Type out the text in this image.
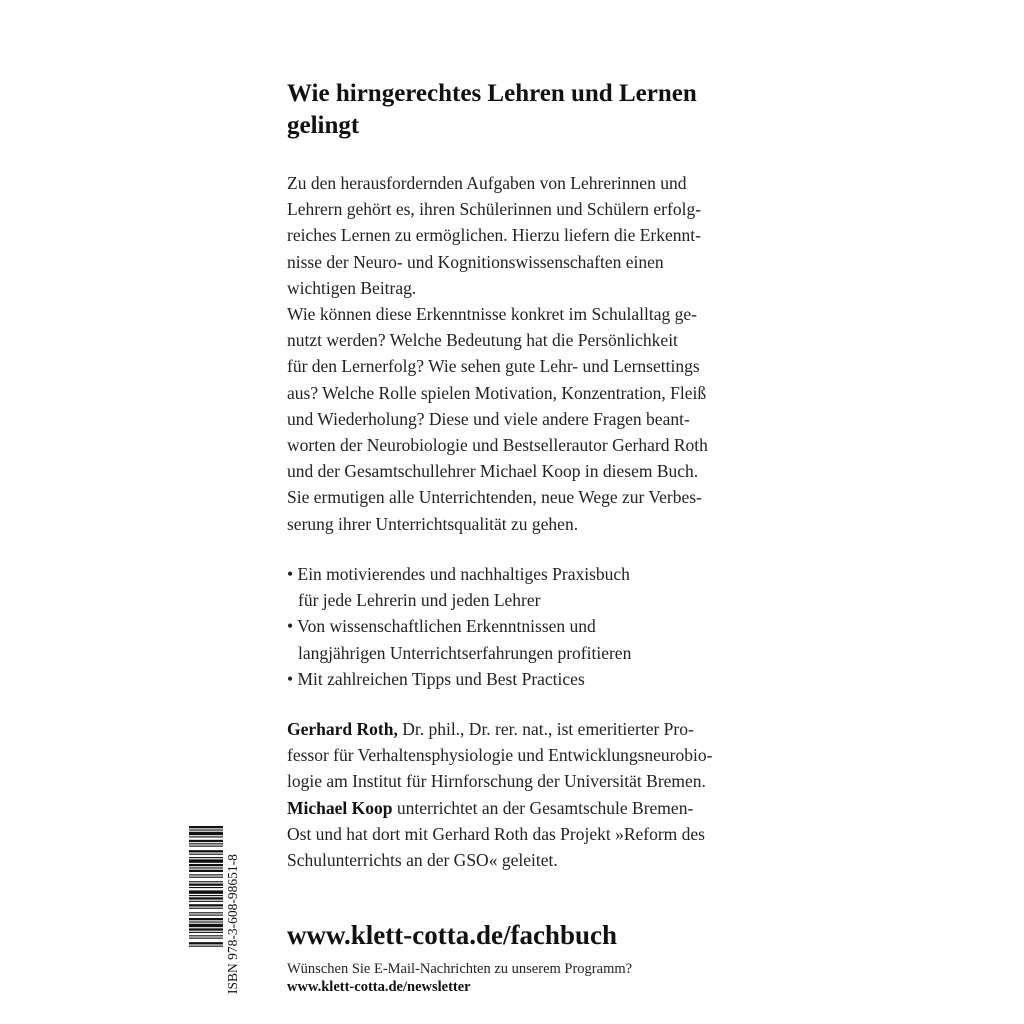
Wie hirngerechtes Lehren und Lernen
gelingt
Zu den herausfordernden Aufgaben von Lehrerinnen und
Lehrern gehört es, ihren Schülerinnen und Schülern erfolg-
reiches Lernen zu ermöglichen. Hierzu liefern die Erkennt-
nisse der Neuro- und Kognitionswissenschaften einen
wichtigen Beitrag.
Wie können diese Erkenntnisse konkret im Schulalltag ge-
nutzt werden? Welche Bedeutung hat die Persönlichkeit
für den Lernerfolg? Wie sehen gute Lehr- und Lernsettings
aus? Welche Rolle spielen Motivation, Konzentration, Fleiß
und Wiederholung? Diese und viele andere Fragen beant-
worten der Neurobiologie und Bestsellerautor Gerhard Roth
und der Gesamtschullehrer Michael Koop in diesem Buch.
Sie ermutigen alle Unterrichtenden, neue Wege zur Verbes-
serung ihrer Unterrichtsqualität zu gehen.
• Ein motivierendes und nachhaltiges Praxisbuch
für jede Lehrerin und jeden Lehrer
• Von wissenschaftlichen Erkenntnissen und
langjährigen Unterrichtserfahrungen profitieren
• Mit zahlreichen Tipps und Best Practices
Gerhard Roth, Dr. phil., Dr. rer. nat., ist emeritierter Pro-
fessor für Verhaltensphysiologie und Entwicklungsneurobio-
logie am Institut für Hirnforschung der Universität Bremen.
Michael Koop unterrichtet an der Gesamtschule Bremen-
Ost und hat dort mit Gerhard Roth das Projekt »Reform des
Schulunterrichts an der GSO« geleitet.
ISBN 978-3-608-98651-8 www.klett-cotta.de/fachbuch
Wünschen Sie E-Mail-Nachrichten zu unserem Programm?
www.klett-cotta.de/newsletter
